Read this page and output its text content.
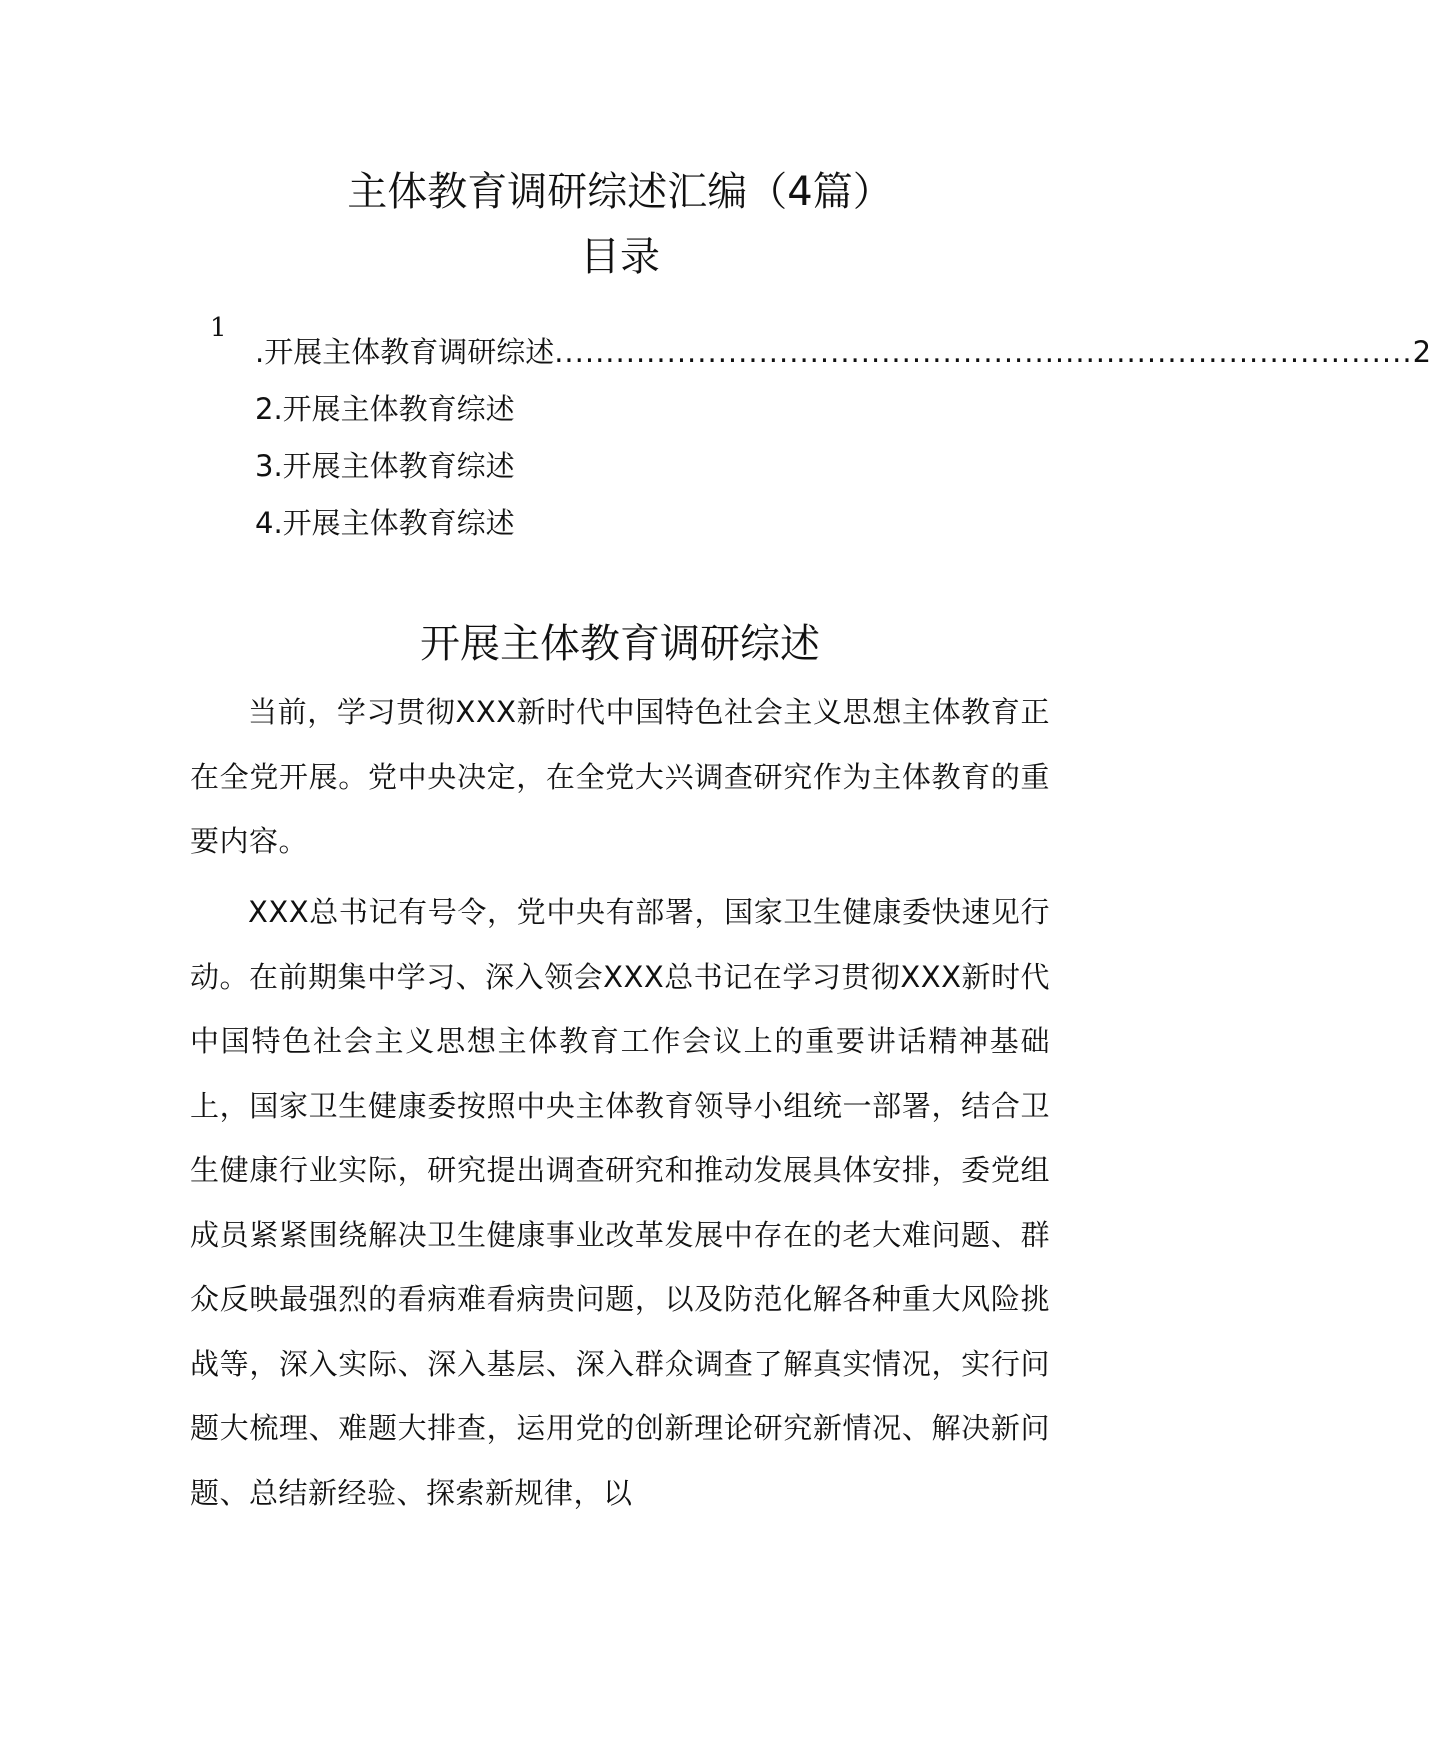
主体教育调研综述汇编（4篇）
目录
1
.开展主体教育调研综述 .................................................................................... 2
2.开展主体教育综述
3.开展主体教育综述
4.开展主体教育综述
开展主体教育调研综述

当前，学习贯彻XXX新时代中国特色社会主义思想主体教育正在全党开展。党中央决定，在全党大兴调查研究作为主体教育的重要内容。

XXX总书记有号令，党中央有部署，国家卫生健康委快速见行动。在前期集中学习、深入领会XXX总书记在学习贯彻XXX新时代中国特色社会主义思想主体教育工作会议上的重要讲话精神基础上，国家卫生健康委按照中央主体教育领导小组统一部署，结合卫生健康行业实际，研究提出调查研究和推动发展具体安排，委党组成员紧紧围绕解决卫生健康事业改革发展中存在的老大难问题、群众反映最强烈的看病难看病贵问题，以及防范化解各种重大风险挑战等，深入实际、深入基层、深入群众调查了解真实情况，实行问题大梳理、难题大排查，运用党的创新理论研究新情况、解决新问题、总结新经验、探索新规律，以
